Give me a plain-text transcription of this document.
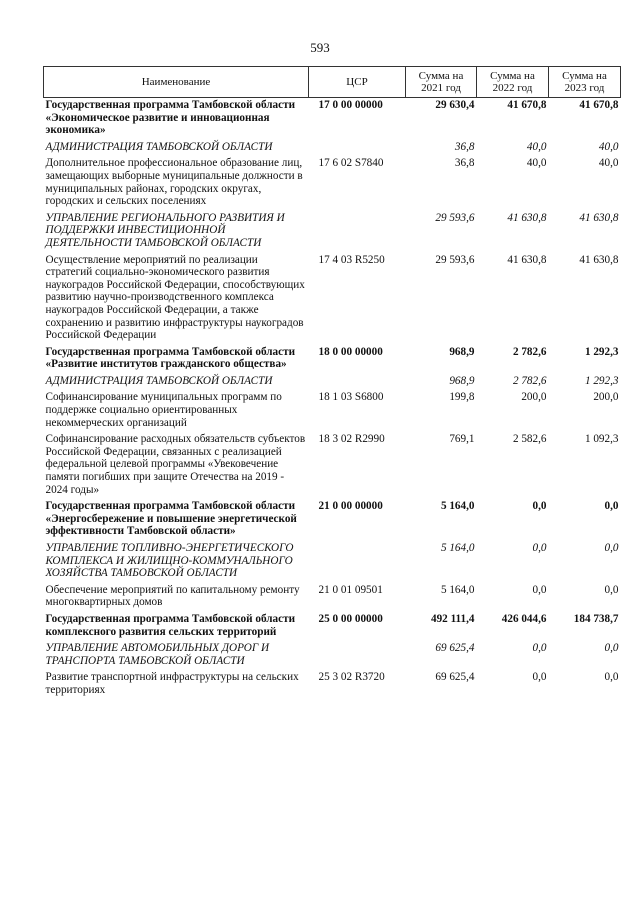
593
Наименование	ЦСР	Сумма на 2021 год	Сумма на 2022 год	Сумма на 2023 год
Государственная программа Тамбовской области «Экономическое развитие и инновационная экономика»	17 0 00 00000	29 630,4	41 670,8	41 670,8
АДМИНИСТРАЦИЯ ТАМБОВСКОЙ ОБЛАСТИ		36,8	40,0	40,0
Дополнительное профессиональное образование лиц, замещающих выборные муниципальные должности в муниципальных районах, городских округах, городских и сельских поселениях	17 6 02 S7840	36,8	40,0	40,0
УПРАВЛЕНИЕ РЕГИОНАЛЬНОГО РАЗВИТИЯ И ПОДДЕРЖКИ ИНВЕСТИЦИОННОЙ ДЕЯТЕЛЬНОСТИ ТАМБОВСКОЙ ОБЛАСТИ		29 593,6	41 630,8	41 630,8
Осуществление мероприятий по реализации стратегий социально-экономического развития наукоградов Российской Федерации, способствующих развитию научно-производственного комплекса наукоградов Российской Федерации, а также сохранению и развитию инфраструктуры наукоградов Российской Федерации	17 4 03 R5250	29 593,6	41 630,8	41 630,8
Государственная программа Тамбовской области «Развитие институтов гражданского общества»	18 0 00 00000	968,9	2 782,6	1 292,3
АДМИНИСТРАЦИЯ ТАМБОВСКОЙ ОБЛАСТИ		968,9	2 782,6	1 292,3
Софинансирование муниципальных программ по поддержке социально ориентированных некоммерческих организаций	18 1 03 S6800	199,8	200,0	200,0
Софинансирование расходных обязательств субъектов Российской Федерации, связанных с реализацией федеральной целевой программы «Увековечение памяти погибших при защите Отечества на 2019 - 2024 годы»	18 3 02 R2990	769,1	2 582,6	1 092,3
Государственная программа Тамбовской области «Энергосбережение и повышение энергетической эффективности Тамбовской области»	21 0 00 00000	5 164,0	0,0	0,0
УПРАВЛЕНИЕ ТОПЛИВНО-ЭНЕРГЕТИЧЕСКОГО КОМПЛЕКСА И ЖИЛИЩНО-КОММУНАЛЬНОГО ХОЗЯЙСТВА ТАМБОВСКОЙ ОБЛАСТИ		5 164,0	0,0	0,0
Обеспечение мероприятий по капитальному ремонту многоквартирных домов	21 0 01 09501	5 164,0	0,0	0,0
Государственная программа Тамбовской области комплексного развития сельских территорий	25 0 00 00000	492 111,4	426 044,6	184 738,7
УПРАВЛЕНИЕ АВТОМОБИЛЬНЫХ ДОРОГ И ТРАНСПОРТА ТАМБОВСКОЙ ОБЛАСТИ		69 625,4	0,0	0,0
Развитие транспортной инфраструктуры на сельских территориях	25 3 02 R3720	69 625,4	0,0	0,0
